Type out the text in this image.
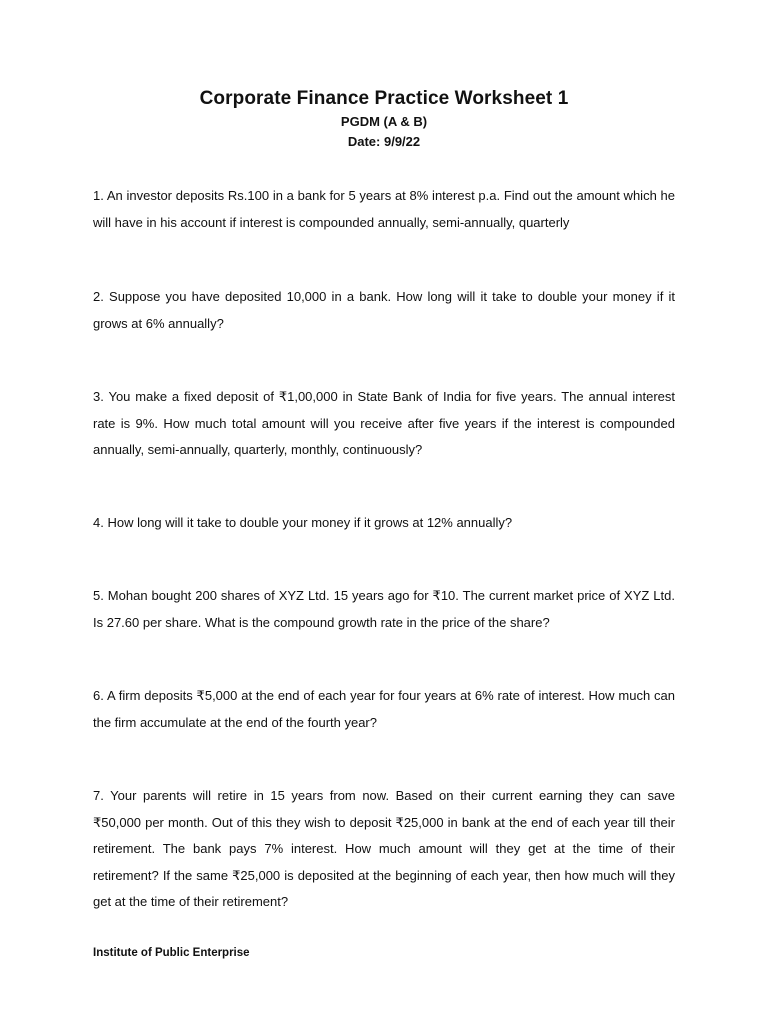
Corporate Finance Practice Worksheet 1
PGDM (A & B)
Date: 9/9/22

1. An investor deposits Rs.100 in a bank for 5 years at 8% interest p.a. Find out the amount which he will have in his account if interest is compounded annually, semi-annually, quarterly

2. Suppose you have deposited 10,000 in a bank. How long will it take to double your money if it grows at 6% annually?

3. You make a fixed deposit of ₹1,00,000 in State Bank of India for five years. The annual interest rate is 9%. How much total amount will you receive after five years if the interest is compounded annually, semi-annually, quarterly, monthly, continuously?

4. How long will it take to double your money if it grows at 12% annually?

5. Mohan bought 200 shares of XYZ Ltd. 15 years ago for ₹10. The current market price of XYZ Ltd. Is 27.60 per share. What is the compound growth rate in the price of the share?

6. A firm deposits ₹5,000 at the end of each year for four years at 6% rate of interest. How much can the firm accumulate at the end of the fourth year?

7. Your parents will retire in 15 years from now. Based on their current earning they can save ₹50,000 per month. Out of this they wish to deposit ₹25,000 in bank at the end of each year till their retirement. The bank pays 7% interest. How much amount will they get at the time of their retirement? If the same ₹25,000 is deposited at the beginning of each year, then how much will they get at the time of their retirement?

Institute of Public Enterprise
